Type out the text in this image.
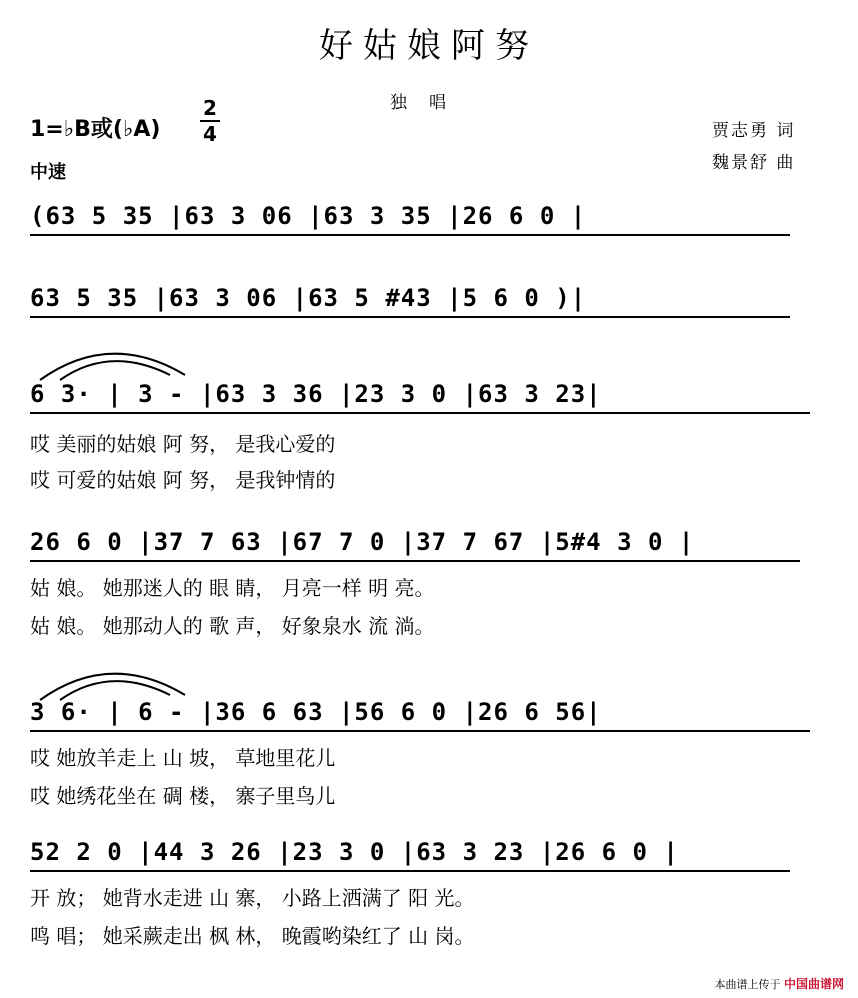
好姑娘阿努
独唱
1=♭B或(♭A)
2
4
中速
贾志勇 词
魏景舒 曲
(63 5 35 |63 3 06 |63 3 35 |26 6 0 |
63 5 35 |63 3 06 |63 5 #43 |5 6 0 )|
6 3· | 3 - |63 3 36 |23 3 0 |63 3 23|
哎 美丽的姑娘 阿 努， 是我心爱的
哎 可爱的姑娘 阿 努， 是我钟情的
26 6 0 |37 7 63 |67 7 0 |37 7 67 |5#4 3 0 |
姑 娘。 她那迷人的 眼 睛， 月亮一样 明 亮。
姑 娘。 她那动人的 歌 声， 好象泉水 流 淌。
3 6· | 6 - |36 6 63 |56 6 0 |26 6 56|
哎 她放羊走上 山 坡， 草地里花儿
哎 她绣花坐在 碉 楼， 寨子里鸟儿
52 2 0 |44 3 26 |23 3 0 |63 3 23 |26 6 0 |
开 放； 她背水走进 山 寨， 小路上洒满了 阳 光。
鸣 唱； 她采蕨走出 枫 林， 晚霞哟染红了 山 岗。
本曲谱上传于 中国曲谱网
